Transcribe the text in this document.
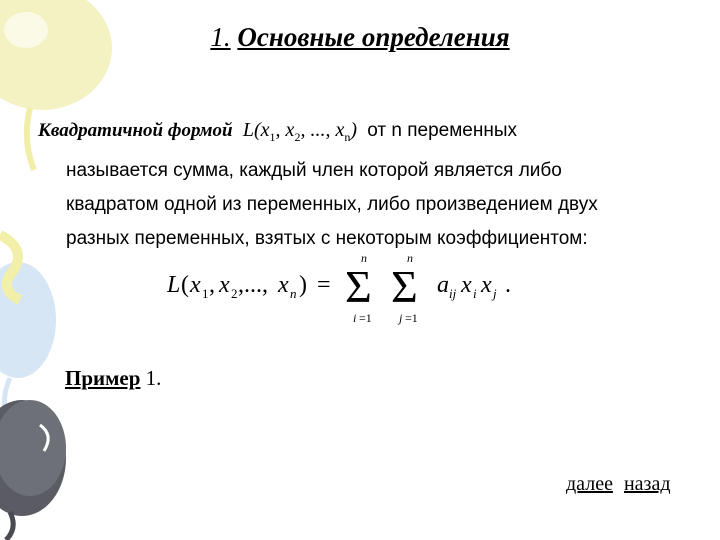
1. Основные определения
Квадратичной формой  $L(x_1$, $x_2$, ..., $x_n$)  от n переменных
называется сумма, каждый член которой является либо
квадратом одной из переменных, либо произведением двух
разных переменных, взятых с некоторым коэффициентом:
L ( x 1 , x 2 ,..., x n ) = Σ
n
i =1
Σ
n
j =1
a ij x i x j .
Пример 1.
далее назад
